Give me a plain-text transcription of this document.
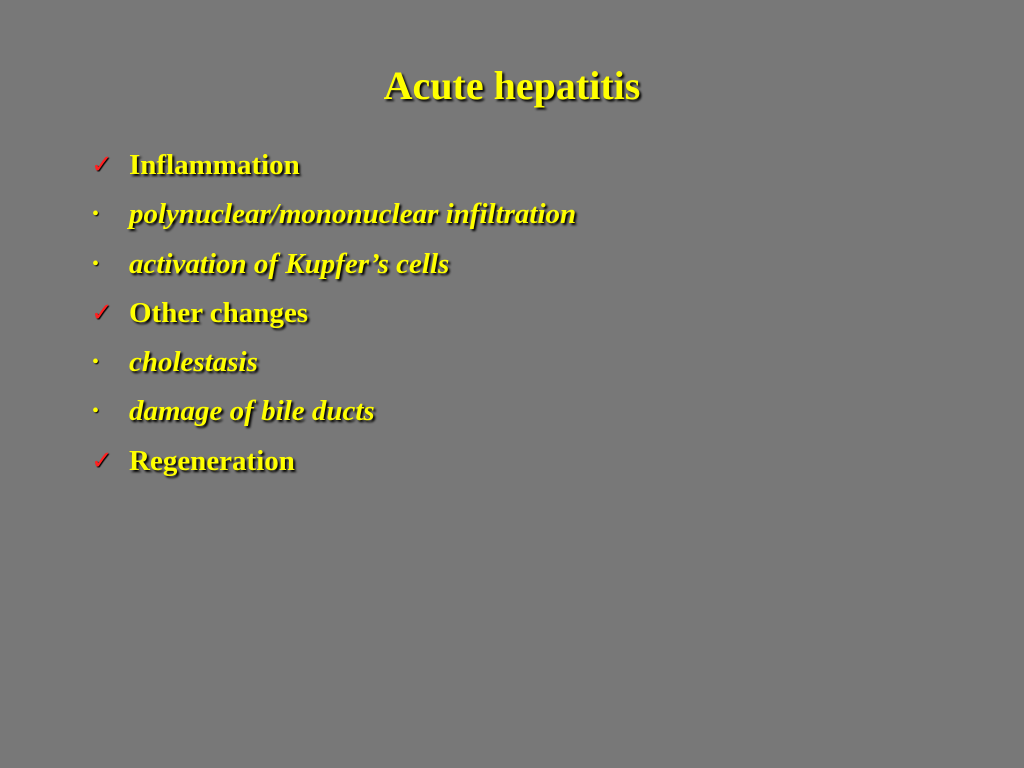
Acute hepatitis
✓ Inflammation
• polynuclear/mononuclear infiltration
• activation of Kupfer’s cells
✓ Other changes
• cholestasis
• damage of bile ducts
✓ Regeneration
